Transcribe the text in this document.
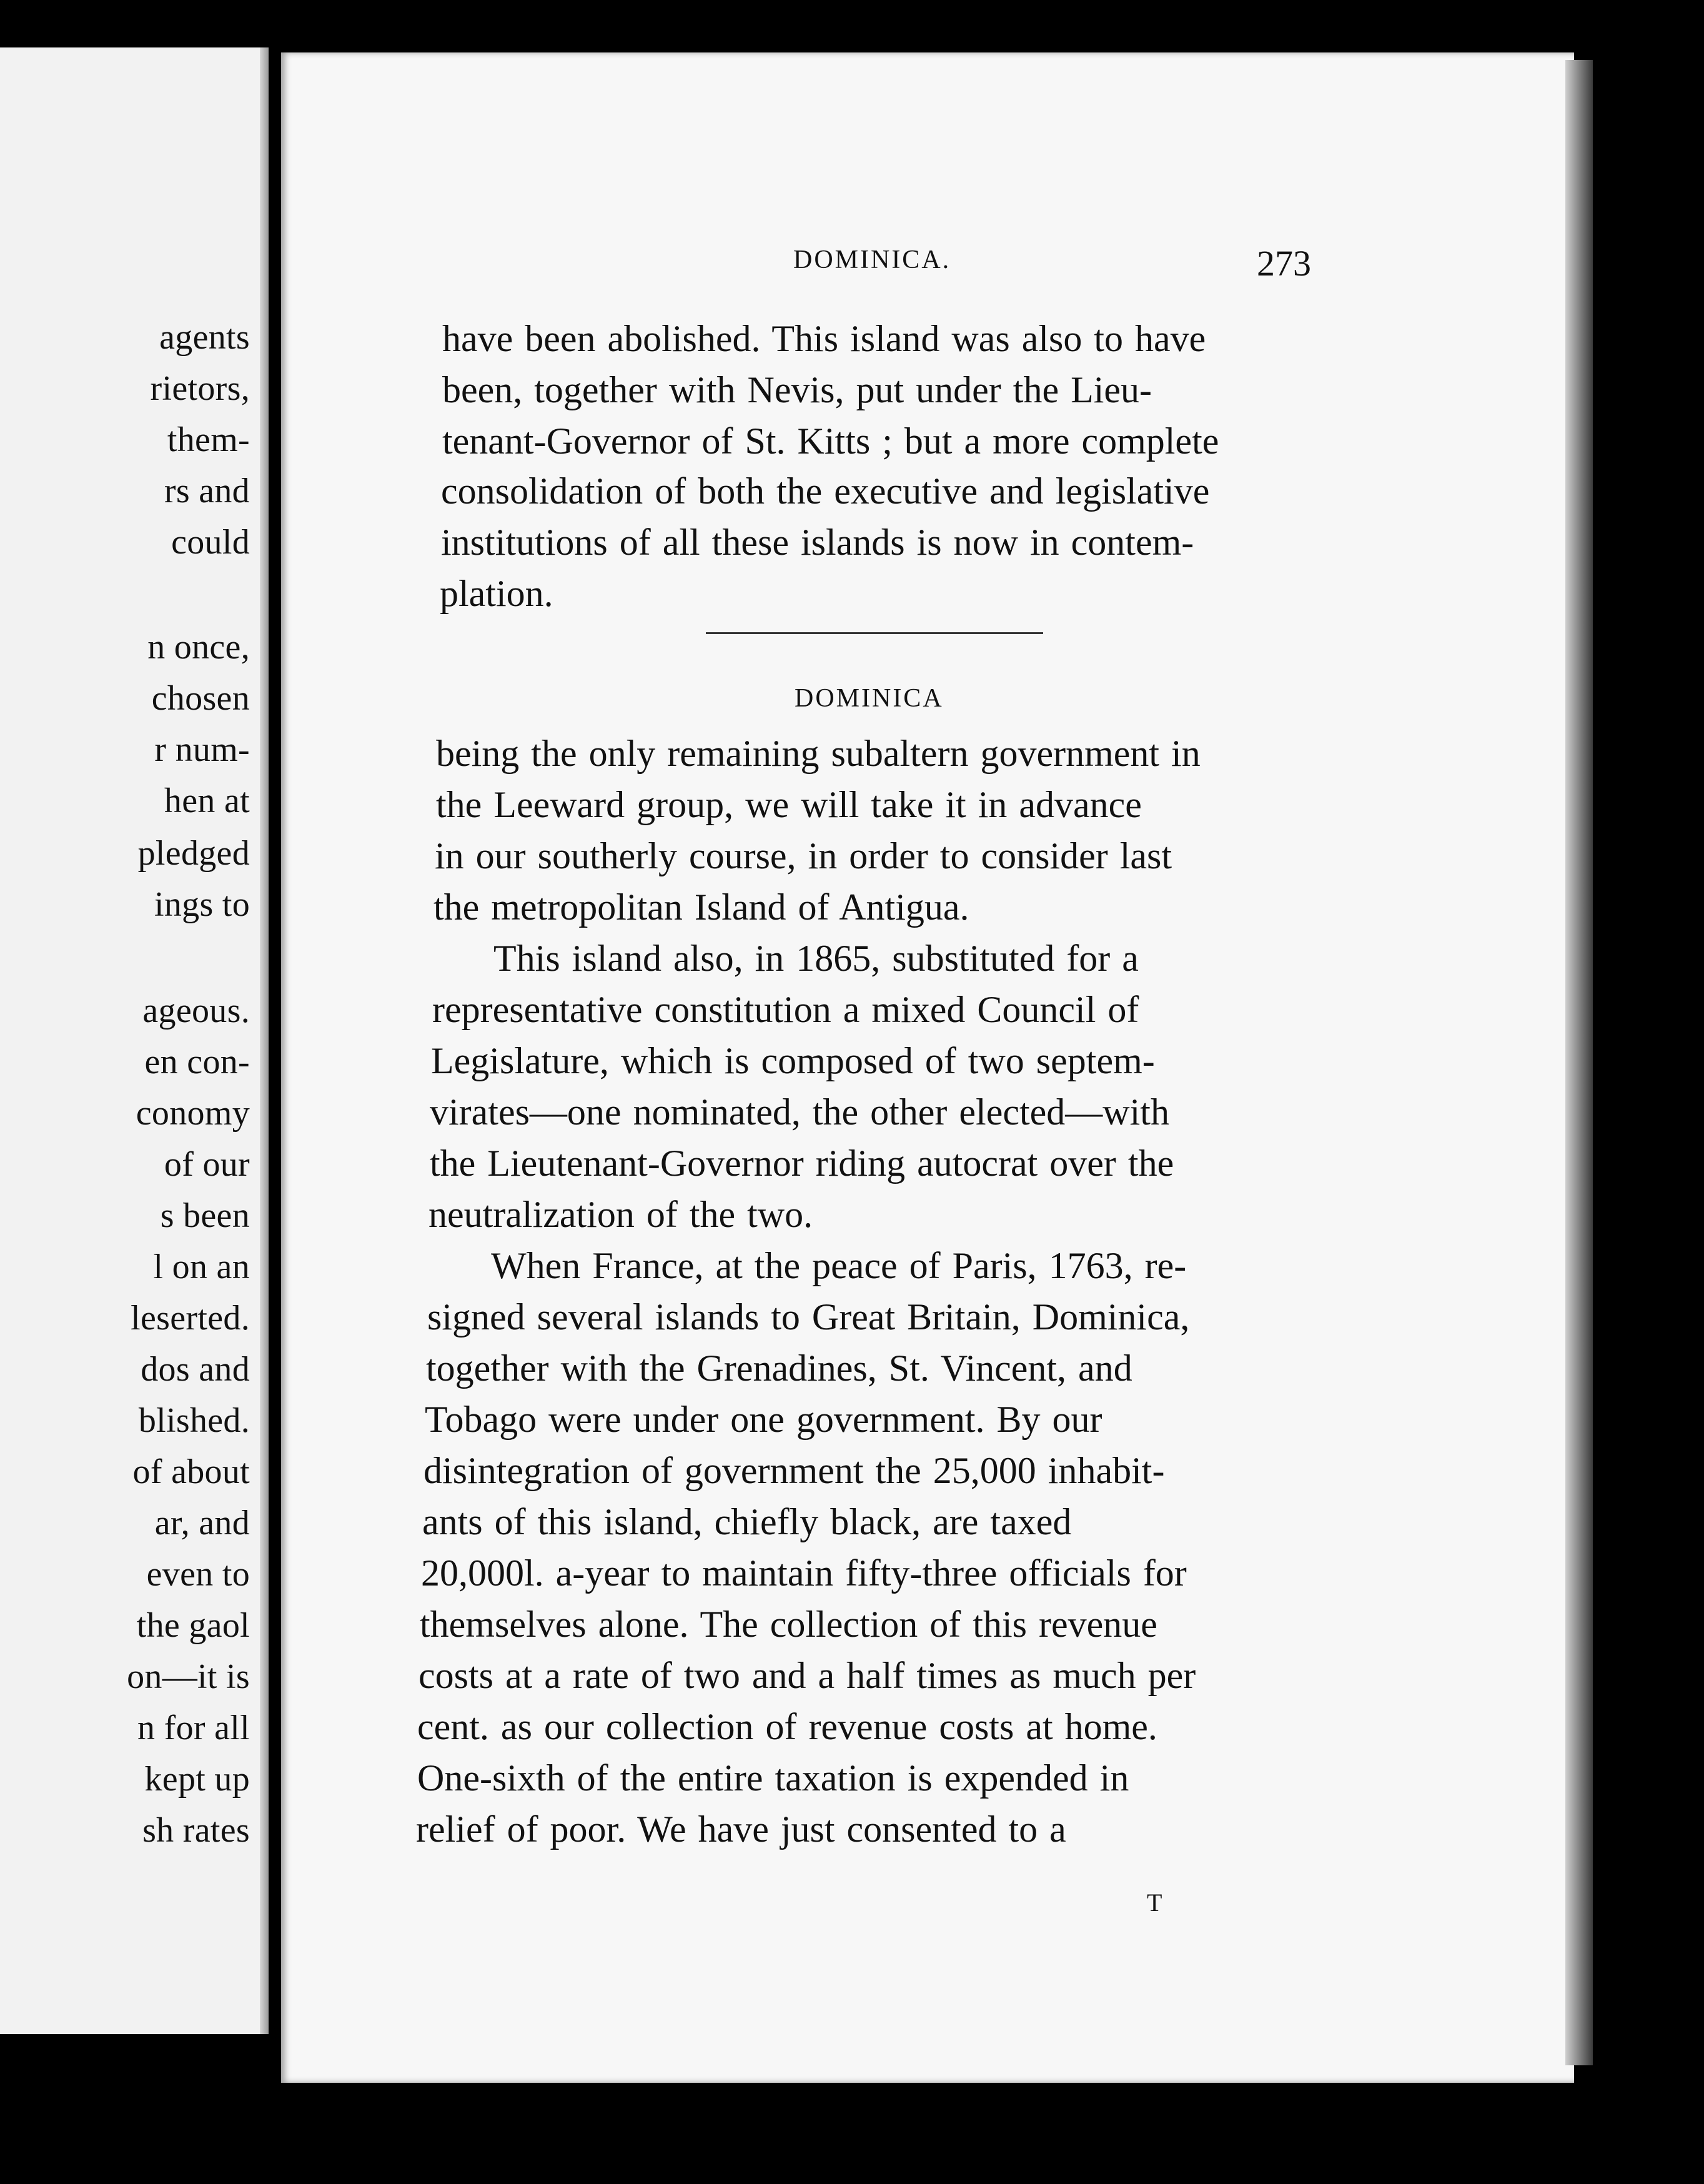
agents
rietors,
them-
rs and
could
n once,
chosen
r num-
hen at
pledged
ings to
ageous.
en con-
conomy
of our
s been
l on an
leserted.
dos and
blished.
of about
ar, and
even to
the gaol
on—it is
n for all
kept up
sh rates
DOMINICA.	273
have been abolished. This island was also to have
been, together with Nevis, put under the Lieu-
tenant-Governor of St. Kitts ; but a more complete
consolidation of both the executive and legislative
institutions of all these islands is now in contem-
plation.
DOMINICA
being the only remaining subaltern government in
the Leeward group, we will take it in advance
in our southerly course, in order to consider last
the metropolitan Island of Antigua.
This island also, in 1865, substituted for a
representative constitution a mixed Council of
Legislature, which is composed of two septem-
virates—one nominated, the other elected—with
the Lieutenant-Governor riding autocrat over the
neutralization of the two.
When France, at the peace of Paris, 1763, re-
signed several islands to Great Britain, Dominica,
together with the Grenadines, St. Vincent, and
Tobago were under one government. By our
disintegration of government the 25,000 inhabit-
ants of this island, chiefly black, are taxed
20,000l. a-year to maintain fifty-three officials for
themselves alone. The collection of this revenue
costs at a rate of two and a half times as much per
cent. as our collection of revenue costs at home.
One-sixth of the entire taxation is expended in
relief of poor. We have just consented to a
T
